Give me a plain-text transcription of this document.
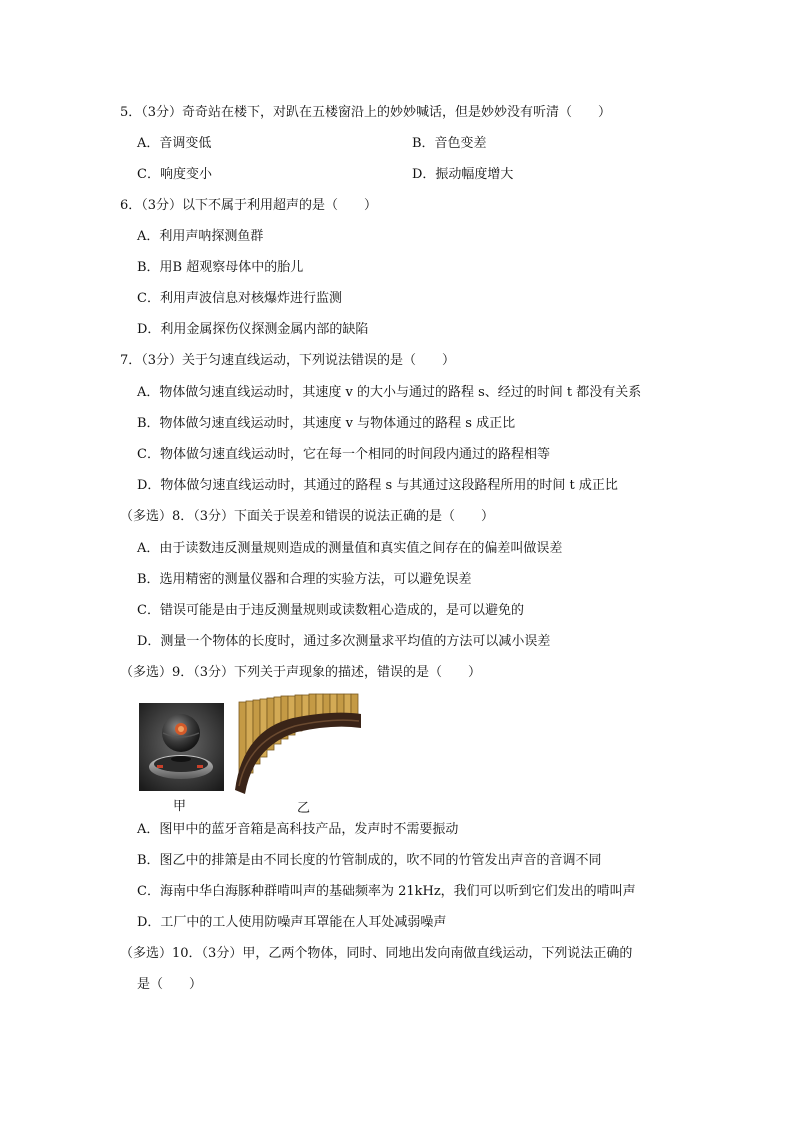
5．（3分）奇奇站在楼下，对趴在五楼窗沿上的妙妙喊话，但是妙妙没有听清（　　）
A．音调变低	B．音色变差
C．响度变小	D．振动幅度增大
6．（3分）以下不属于利用超声的是（　　）
A．利用声呐探测鱼群
B．用B 超观察母体中的胎儿
C．利用声波信息对核爆炸进行监测
D．利用金属探伤仪探测金属内部的缺陷
7．（3分）关于匀速直线运动，下列说法错误的是（　　）
A．物体做匀速直线运动时，其速度 v 的大小与通过的路程 s、经过的时间 t 都没有关系
B．物体做匀速直线运动时，其速度 v 与物体通过的路程 s 成正比
C．物体做匀速直线运动时，它在每一个相同的时间段内通过的路程相等
D．物体做匀速直线运动时，其通过的路程 s 与其通过这段路程所用的时间 t 成正比
（多选）8．（3分）下面关于误差和错误的说法正确的是（　　）
A．由于读数违反测量规则造成的测量值和真实值之间存在的偏差叫做误差
B．选用精密的测量仪器和合理的实验方法，可以避免误差
C．错误可能是由于违反测量规则或读数粗心造成的，是可以避免的
D．测量一个物体的长度时，通过多次测量求平均值的方法可以减小误差
（多选）9．（3分）下列关于声现象的描述，错误的是（　　）
甲	乙
A．图甲中的蓝牙音箱是高科技产品，发声时不需要振动
B．图乙中的排箫是由不同长度的竹管制成的，吹不同的竹管发出声音的音调不同
C．海南中华白海豚种群啃叫声的基础频率为 21kHz，我们可以听到它们发出的啃叫声
D．工厂中的工人使用防噪声耳罩能在人耳处减弱噪声
（多选）10．（3分）甲，乙两个物体，同时、同地出发向南做直线运动，下列说法正确的
是（　　）
